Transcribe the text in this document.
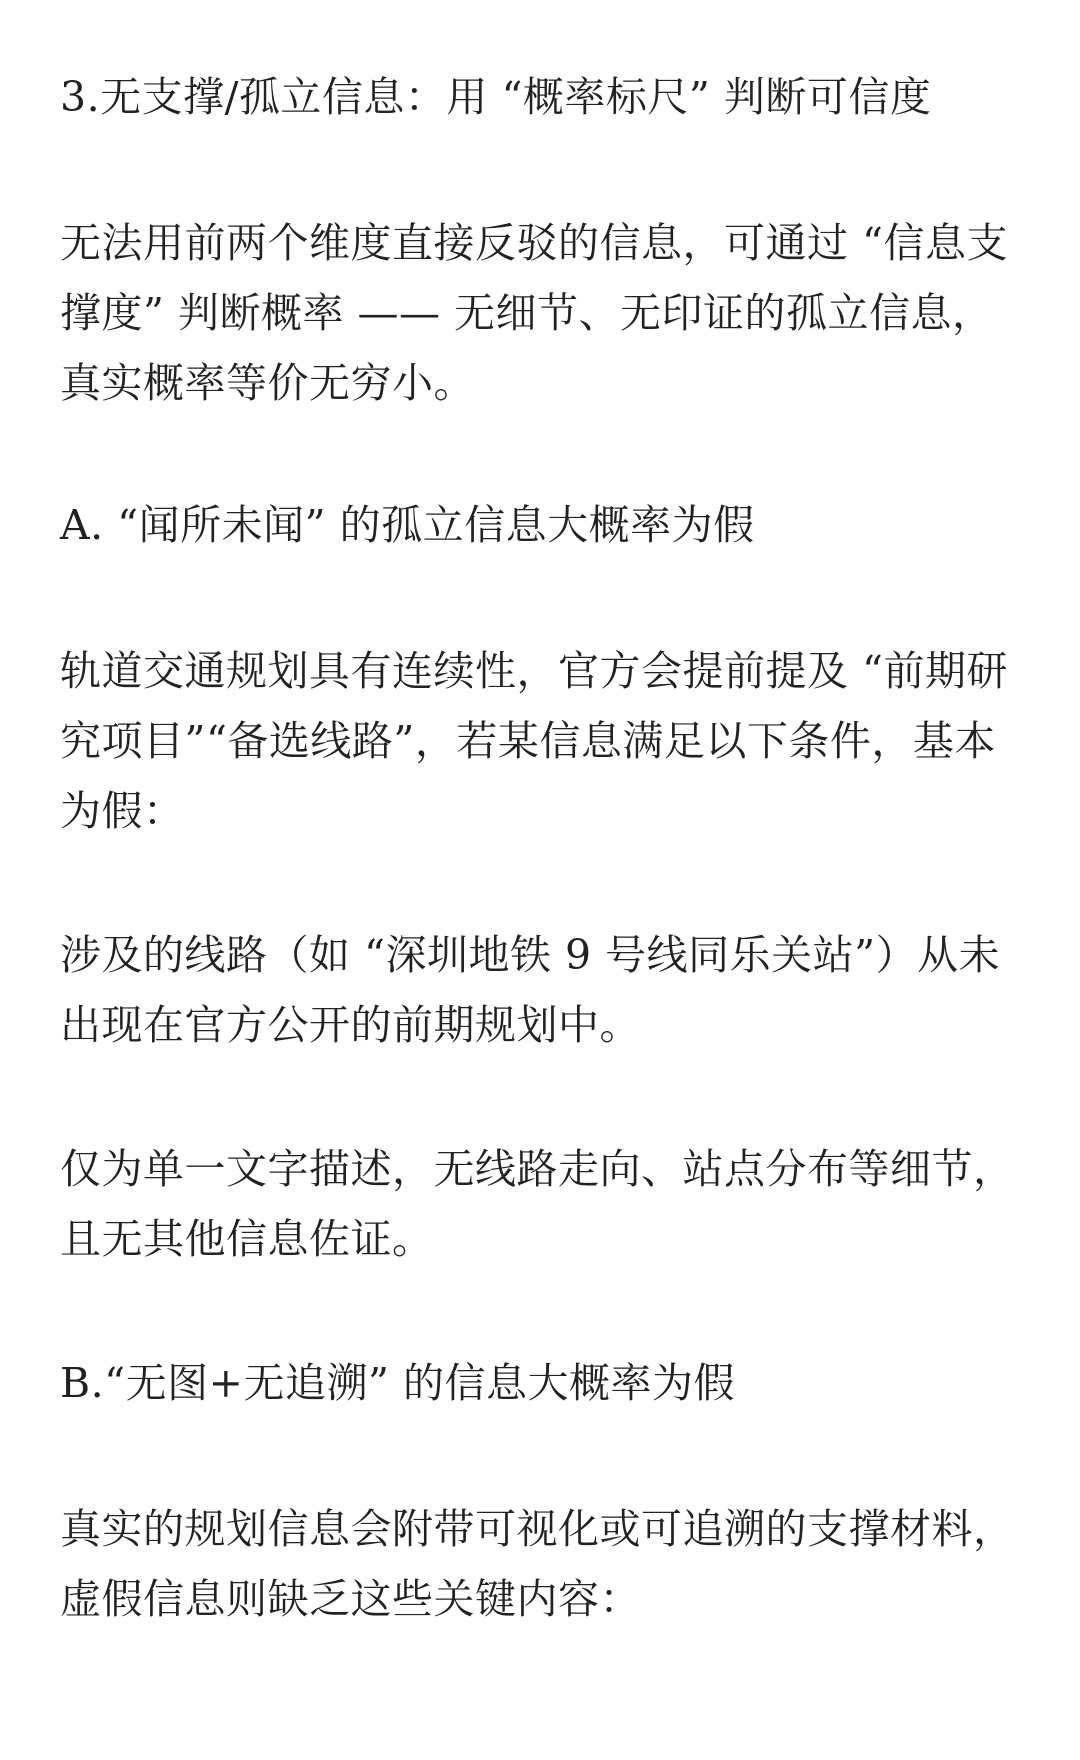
3.无支撑/孤立信息：用 “概率标尺” 判断可信度

无法用前两个维度直接反驳的信息，可通过 “信息支撑度” 判断概率 —— 无细节、无印证的孤立信息，真实概率等价无穷小。

A. “闻所未闻” 的孤立信息大概率为假

轨道交通规划具有连续性，官方会提前提及 “前期研究项目”“备选线路”，若某信息满足以下条件，基本为假：

涉及的线路（如 “深圳地铁 9 号线同乐关站”）从未出现在官方公开的前期规划中。

仅为单一文字描述，无线路走向、站点分布等细节，且无其他信息佐证。

B.“无图+无追溯” 的信息大概率为假

真实的规划信息会附带可视化或可追溯的支撑材料，虚假信息则缺乏这些关键内容：
